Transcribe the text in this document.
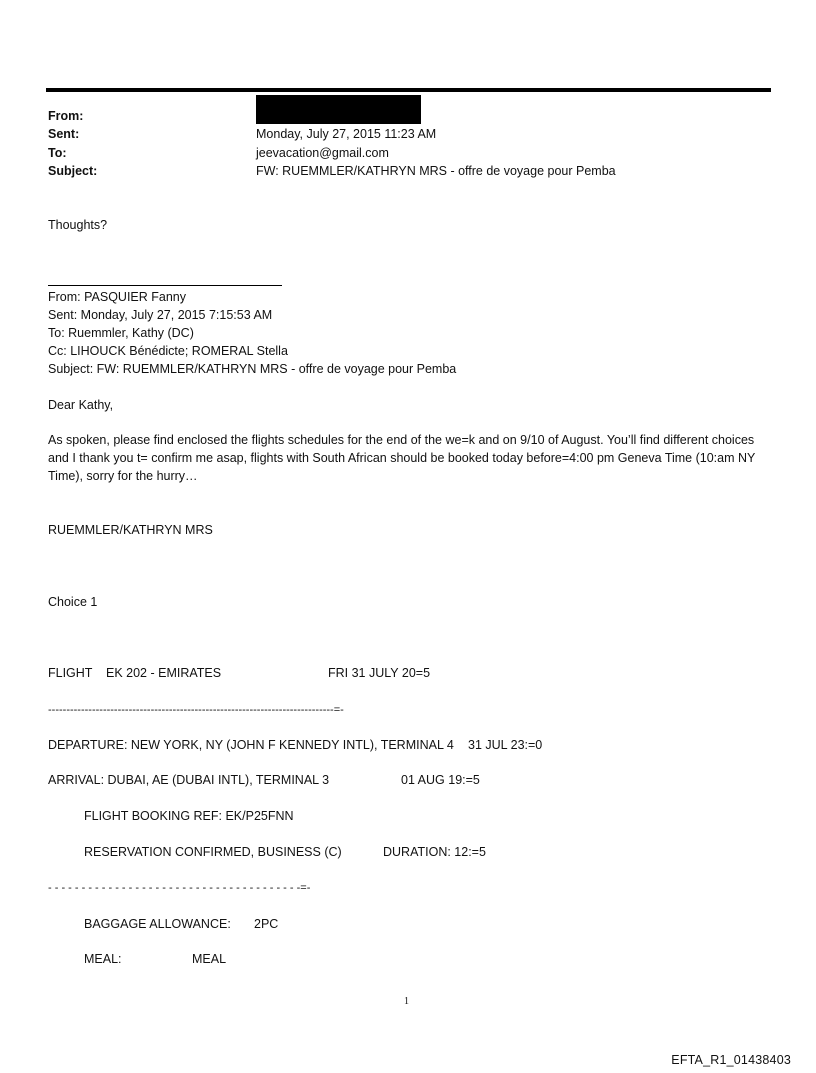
From:
Sent:	Monday, July 27, 2015 11:23 AM
To:	jeevacation@gmail.com
Subject:	FW: RUEMMLER/KATHRYN MRS - offre de voyage pour Pemba
Thoughts?
From: PASQUIER Fanny
Sent: Monday, July 27, 2015 7:15:53 AM
To: Ruemmler, Kathy (DC)
Cc: LIHOUCK Bénédicte; ROMERAL Stella
Subject: FW: RUEMMLER/KATHRYN MRS - offre de voyage pour Pemba
Dear Kathy,
As spoken, please find enclosed the flights schedules for the end of the we=k and on 9/10 of August. You’ll find different choices and I thank you t= confirm me asap, flights with South African should be booked today before=4:00 pm Geneva Time (10:am NY Time), sorry for the hurry…
RUEMMLER/KATHRYN MRS
Choice 1
FLIGHT EK 202 - EMIRATES	FRI 31 JULY 20=5
------------------------------------------------------------------------------=-
DEPARTURE: NEW YORK, NY (JOHN F KENNEDY INTL), TERMINAL 4 31 JUL 23:=0
ARRIVAL: DUBAI, AE (DUBAI INTL), TERMINAL 3	01 AUG 19:=5
FLIGHT BOOKING REF: EK/P25FNN
RESERVATION CONFIRMED, BUSINESS (C)	DURATION: 12:=5
- - - - - - - - - - - - - - - - - - - - - - - - - - - - - - - - - - - - - -=-
BAGGAGE ALLOWANCE: 2PC
MEAL:	MEAL
1
EFTA_R1_01438403
